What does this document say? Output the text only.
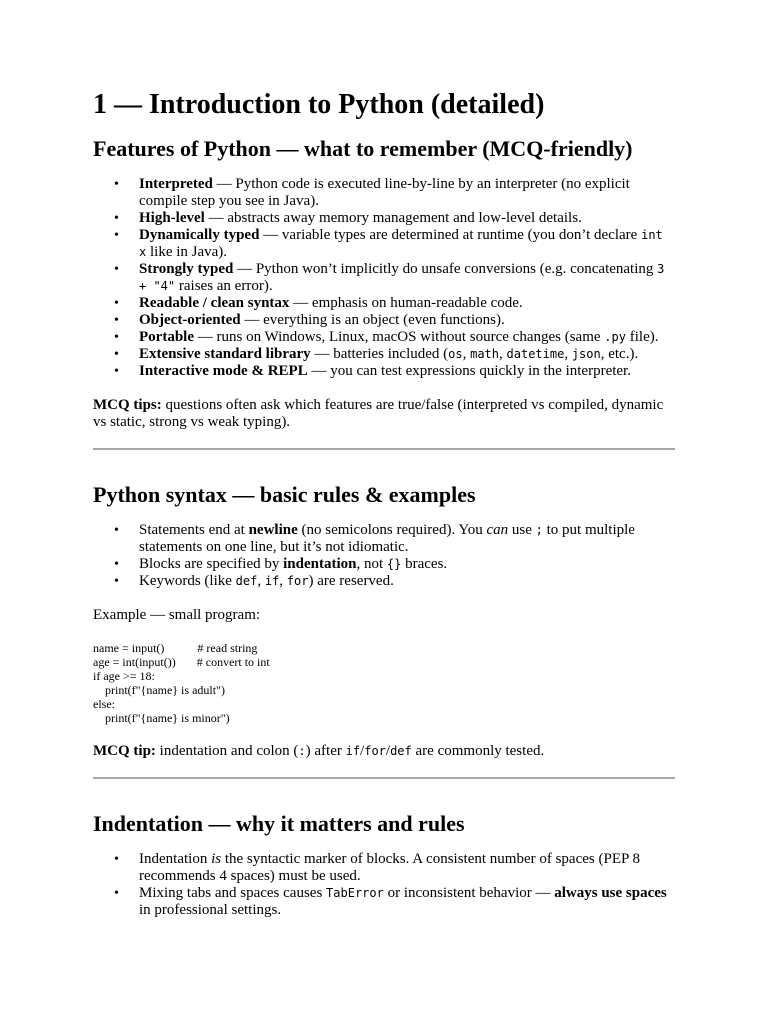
1 — Introduction to Python (detailed)
Features of Python — what to remember (MCQ-friendly)
• Interpreted — Python code is executed line-by-line by an interpreter (no explicit compile step you see in Java).
• High-level — abstracts away memory management and low-level details.
• Dynamically typed — variable types are determined at runtime (you don’t declare int x like in Java).
• Strongly typed — Python won’t implicitly do unsafe conversions (e.g. concatenating 3 + "4" raises an error).
• Readable / clean syntax — emphasis on human-readable code.
• Object-oriented — everything is an object (even functions).
• Portable — runs on Windows, Linux, macOS without source changes (same .py file).
• Extensive standard library — batteries included (os, math, datetime, json, etc.).
• Interactive mode & REPL — you can test expressions quickly in the interpreter.

MCQ tips: questions often ask which features are true/false (interpreted vs compiled, dynamic vs static, strong vs weak typing).

Python syntax — basic rules & examples
• Statements end at newline (no semicolons required). You can use ; to put multiple statements on one line, but it’s not idiomatic.
• Blocks are specified by indentation, not {} braces.
• Keywords (like def, if, for) are reserved.

Example — small program:

name = input()           # read string
age = int(input())       # convert to int
if age >= 18:
print(f"{name} is adult")
else:
print(f"{name} is minor")

MCQ tip: indentation and colon (:) after if/for/def are commonly tested.

Indentation — why it matters and rules
• Indentation is the syntactic marker of blocks. A consistent number of spaces (PEP 8 recommends 4 spaces) must be used.
• Mixing tabs and spaces causes TabError or inconsistent behavior — always use spaces in professional settings.
